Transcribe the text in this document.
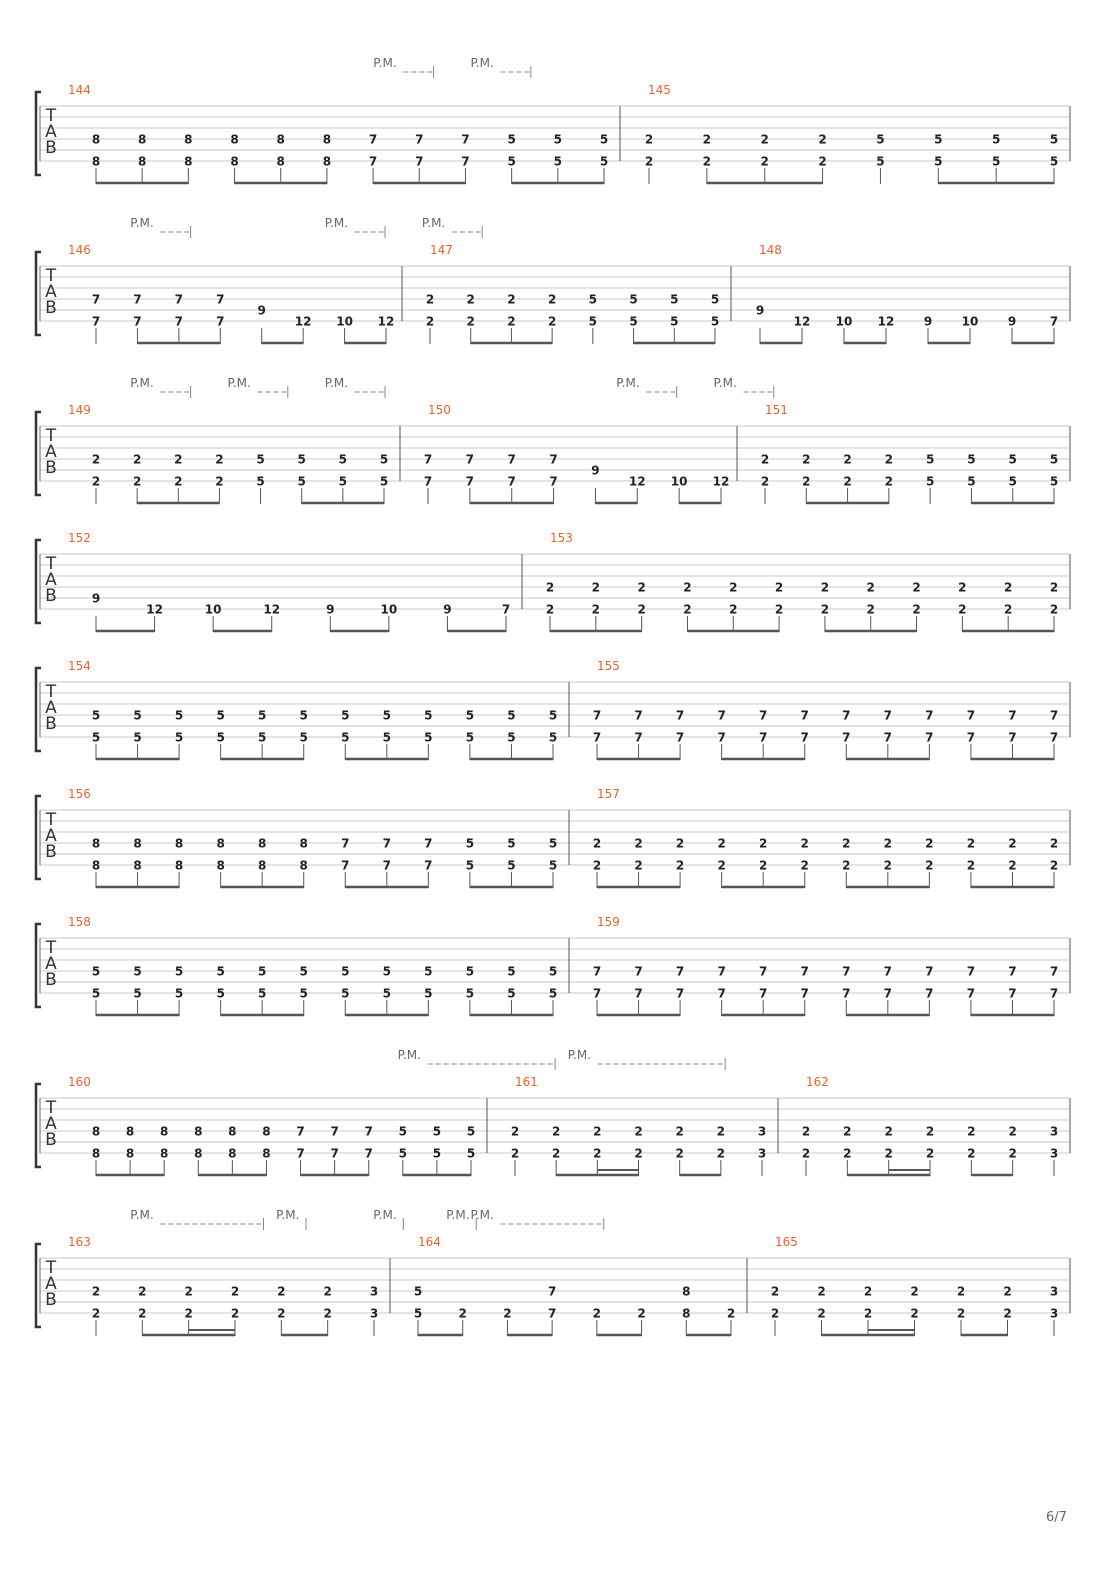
T
A
B
P.M.	P.M.
144
8
8
8
8
8
8
8
8
8
8
8
8
7
7
7
7
7
7
5
5
5
5
5
5
145
2
2
2
2
2
2
2
2
5
5
5
5
5
5
5
5
T
A
B
P.M.	P.M.	P.M.
146
7
7
7
7
7
7
7
7
9
12 10 12
147
2
2
2
2
2
2
2
2
5
5
5
5
5
5
5
5
148
9
12 10 12 9 10 9	7
T
A
B
P.M.	P.M.	P.M.	P.M.	P.M.
149
2
2
2
2
2
2
2
2
5
5
5
5
5
5
5
5
150
7
7
7
7
7
7
7
7
9
12 10 12
151
2
2
2
2
2
2
2
2
5
5
5
5
5
5
5
5
T
A
B
152
9
12	10	12	9	10	9	7
153
2
2
2
2
2
2
2
2
2
2
2
2
2
2
2
2
2
2
2
2
2
2
2
2
T
A
B
154
5
5
5
5
5
5
5
5
5
5
5
5
5
5
5
5
5
5
5
5
5
5
5
5
155
7
7
7
7
7
7
7
7
7
7
7
7
7
7
7
7
7
7
7
7
7
7
7
7
T
A
B
156
8
8
8
8
8
8
8
8
8
8
8
8
7
7
7
7
7
7
5
5
5
5
5
5
157
2
2
2
2
2
2
2
2
2
2
2
2
2
2
2
2
2
2
2
2
2
2
2
2
T
A
B
158
5
5
5
5
5
5
5
5
5
5
5
5
5
5
5
5
5
5
5
5
5
5
5
5
159
7
7
7
7
7
7
7
7
7
7
7
7
7
7
7
7
7
7
7
7
7
7
7
7
T
A
B
P.M.	P.M.
160
8
8
8
8
8
8
8
8
8
8
8
8
7
7
7
7
7
7
5
5
5
5
5
5
161
2
2
2
2
2
2
2
2
2
2
2
2
3
3
162
2
2
2
2
2
2
2
2
2
2
2
2
3
3
T
A
B
P.M.	P.M.	P.M.	P.M. P.M.
163
2
2
2
2
2
2
2
2
2
2
2
2
3
3
164
5
5	2	2
7
7	2	2
8
8	2
165
2
2
2
2
2
2
2
2
2
2
2
2
3
3
6/7
